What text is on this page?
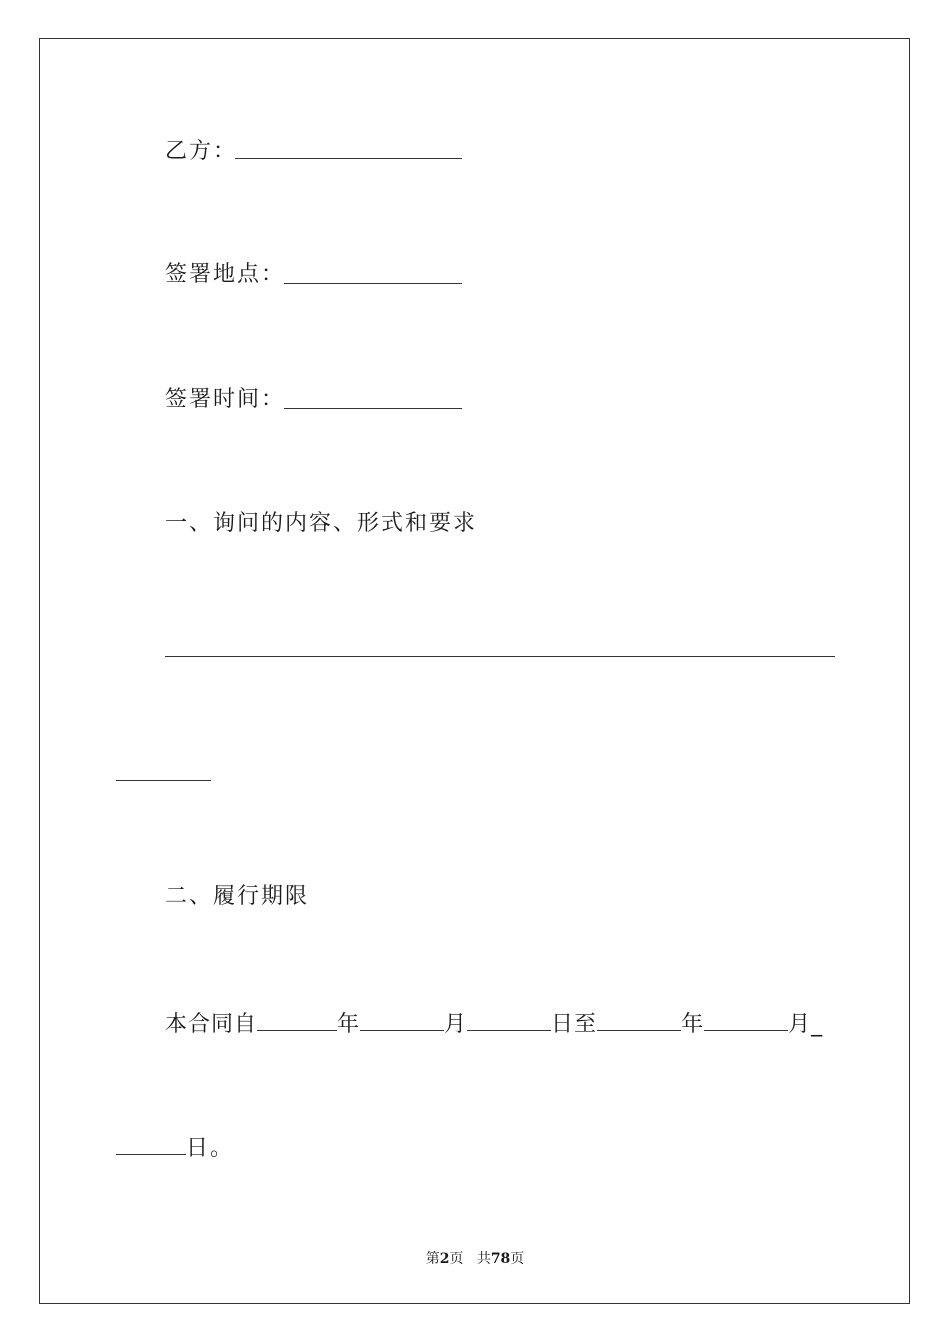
乙方：
签署地点：
签署时间：
一、询问的内容、形式和要求
二、履行期限
本合同自	年	月	日至	年	月_
日。
第2页 共78页
